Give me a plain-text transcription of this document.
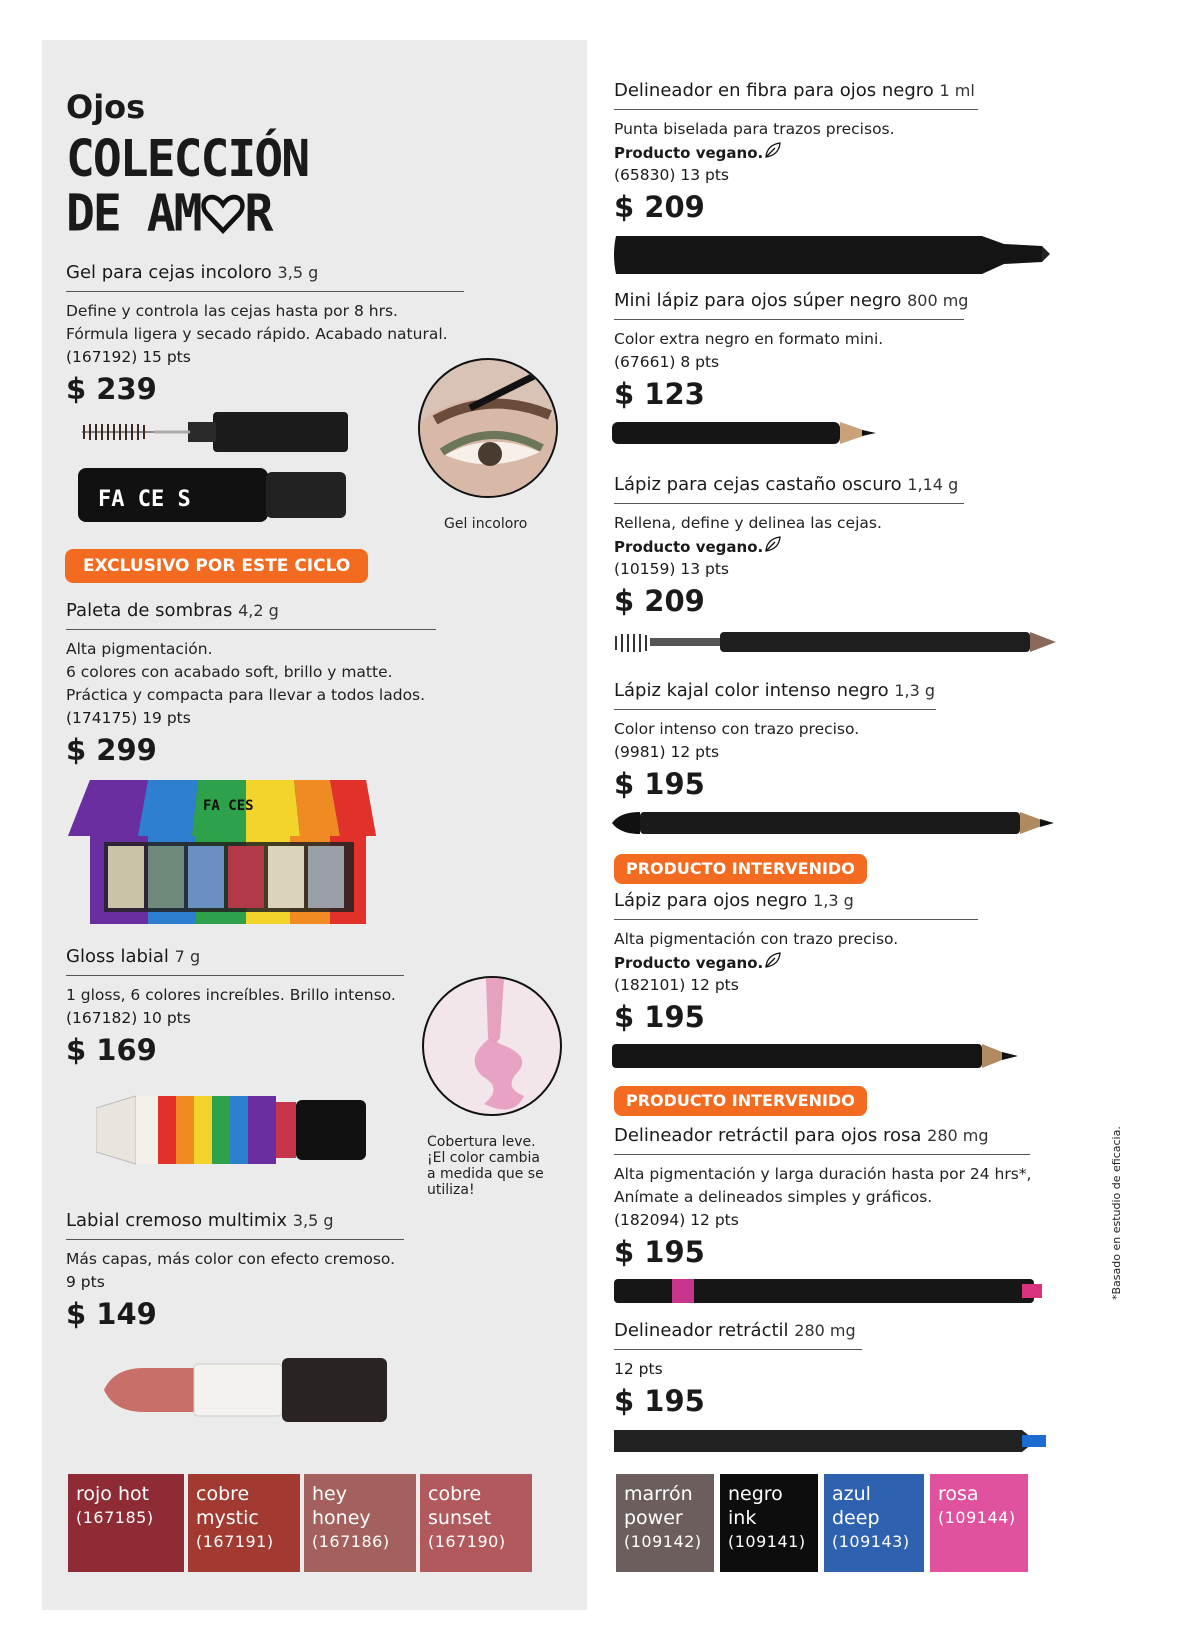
Ojos
COLECCIÓN
DE AM R
Gel para cejas incoloro 3,5 g
Define y controla las cejas hasta por 8 hrs.
Fórmula ligera y secado rápido. Acabado natural.
(167192) 15 pts
$ 239
FA CE S
Gel incoloro
EXCLUSIVO POR ESTE CICLO
Paleta de sombras 4,2 g
Alta pigmentación.
6 colores con acabado soft, brillo y matte.
Práctica y compacta para llevar a todos lados.
(174175) 19 pts
$ 299
FA CES
Gloss labial 7 g
1 gloss, 6 colores increíbles. Brillo intenso.
(167182) 10 pts
$ 169
Cobertura leve.
¡El color cambia
a medida que se
utiliza!
Labial cremoso multimix 3,5 g
Más capas, más color con efecto cremoso.
9 pts
$ 149
rojo hot
(167185)
cobre
mystic
(167191)
hey
honey
(167186)
cobre
sunset
(167190)
Delineador en fibra para ojos negro 1 ml
Punta biselada para trazos precisos.
Producto vegano.
(65830) 13 pts
$ 209
Mini lápiz para ojos súper negro 800 mg
Color extra negro en formato mini.
(67661) 8 pts
$ 123
Lápiz para cejas castaño oscuro 1,14 g
Rellena, define y delinea las cejas.
Producto vegano.
(10159) 13 pts
$ 209
Lápiz kajal color intenso negro 1,3 g
Color intenso con trazo preciso.
(9981) 12 pts
$ 195
PRODUCTO INTERVENIDO
Lápiz para ojos negro 1,3 g
Alta pigmentación con trazo preciso.
Producto vegano.
(182101) 12 pts
$ 195
PRODUCTO INTERVENIDO
Delineador retráctil para ojos rosa 280 mg
Alta pigmentación y larga duración hasta por 24 hrs*,
Anímate a delineados simples y gráficos.
(182094) 12 pts
$ 195
Delineador retráctil 280 mg
12 pts
$ 195
marrón
power
(109142)
negro ink
(109141)
azul deep
(109143)
rosa
(109144)
*Basado en estudio de eficacia.
